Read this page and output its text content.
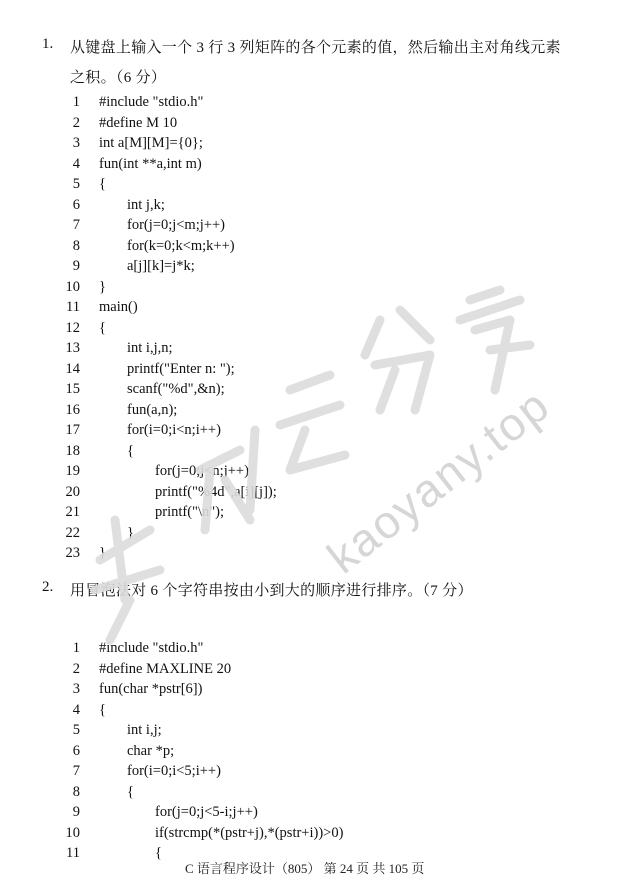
1. 从键盘上输入一个 3 行 3 列矩阵的各个元素的值，然后输出主对角线元素
之积。（6 分）
1 #include "stdio.h"
2 #define M 10
3 int a[M][M]={0};
4 fun(int **a,int m)
5 {
6	int j,k;
7	for(j=0;j<m;j++)
8	for(k=0;k<m;k++)
9	a[j][k]=j*k;
10 }
11 main()
12 {
13	int i,j,n;
14	printf("Enter n: ");
15	scanf("%d",&n);
16	fun(a,n);
17	for(i=0;i<n;i++)
18	{
19	for(j=0;j<n;j++)
20	printf("%4d",a[i][j]);
21	printf("\n");
22	}
23 }
2. 用冒泡法对 6 个字符串按由小到大的顺序进行排序。（7 分）
1 #include "stdio.h"
2 #define MAXLINE 20
3 fun(char *pstr[6])
4 {
5	int i,j;
6	char *p;
7	for(i=0;i<5;i++)
8	{
9	for(j=0;j<5-i;j++)
10	if(strcmp(*(pstr+j),*(pstr+i))>0)
11	{
kaoyany.top
C 语言程序设计（805） 第 24 页 共 105 页
